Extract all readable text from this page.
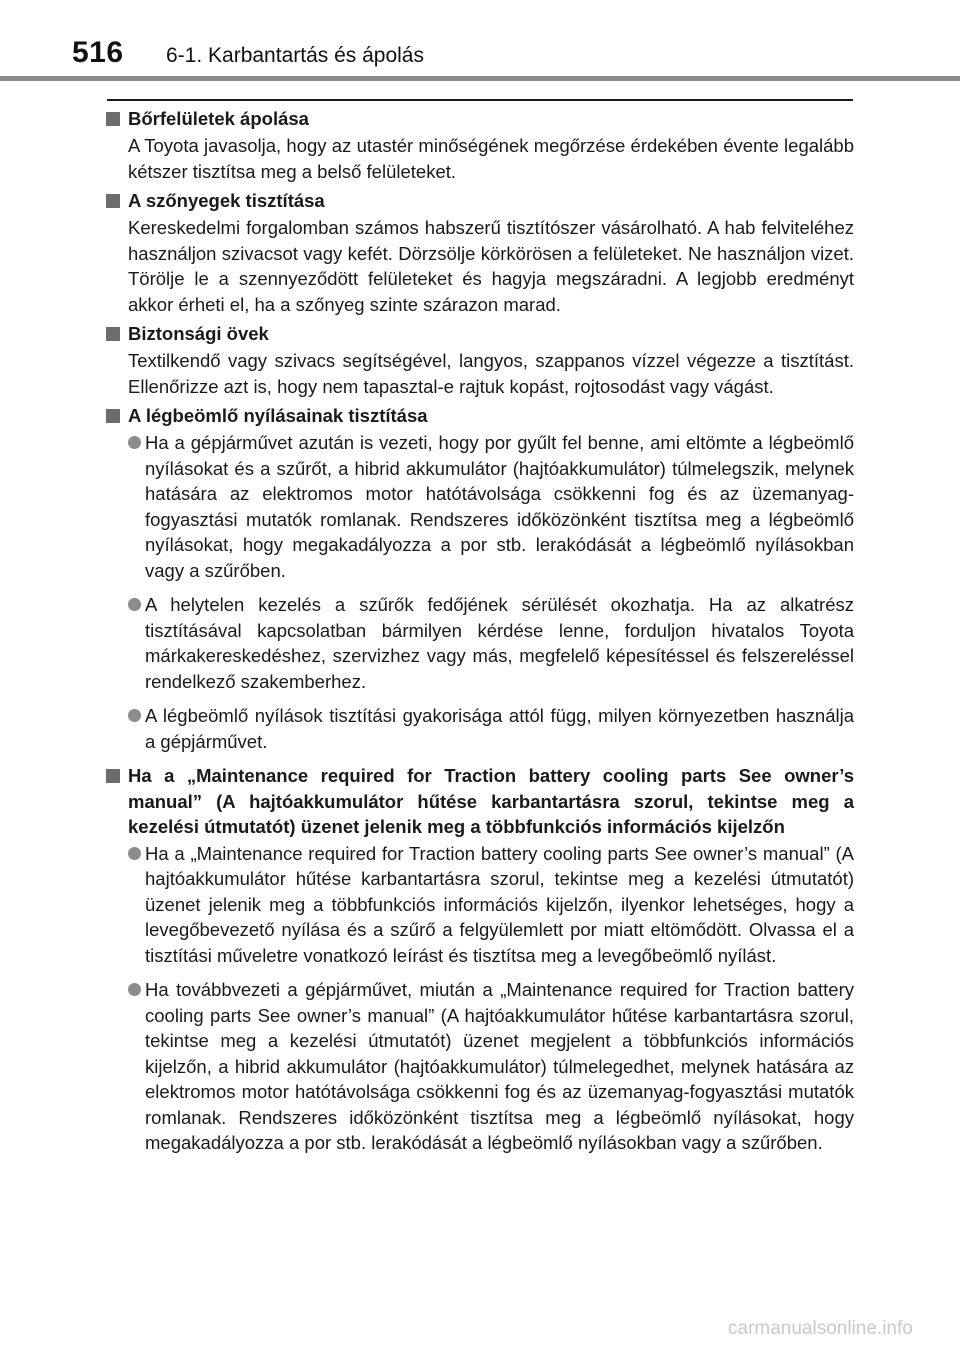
516 6-1. Karbantartás és ápolás

Bőrfelületek ápolása

A Toyota javasolja, hogy az utastér minőségének megőrzése érdekében évente legalább kétszer tisztítsa meg a belső felületeket.

A szőnyegek tisztítása

Kereskedelmi forgalomban számos habszerű tisztítószer vásárolható. A hab felviteléhez használjon szivacsot vagy kefét. Dörzsölje körkörösen a felületeket. Ne használjon vizet. Törölje le a szennyeződött felületeket és hagyja megszáradni. A legjobb eredményt akkor érheti el, ha a szőnyeg szinte szárazon marad.

Biztonsági övek

Textilkendő vagy szivacs segítségével, langyos, szappanos vízzel végezze a tisztítást. Ellenőrizze azt is, hogy nem tapasztal-e rajtuk kopást, rojtosodást vagy vágást.

A légbeömlő nyílásainak tisztítása

Ha a gépjárművet azután is vezeti, hogy por gyűlt fel benne, ami eltömte a légbeömlő nyílásokat és a szűrőt, a hibrid akkumulátor (hajtóakkumulátor) túlmelegszik, melynek hatására az elektromos motor hatótávolsága csökkenni fog és az üzemanyag-fogyasztási mutatók romlanak. Rendszeres időközönként tisztítsa meg a légbeömlő nyílásokat, hogy megakadályozza a por stb. lerakódását a légbeömlő nyílásokban vagy a szűrőben.
A helytelen kezelés a szűrők fedőjének sérülését okozhatja. Ha az alkatrész tisztításával kapcsolatban bármilyen kérdése lenne, forduljon hivatalos Toyota márkakereskedéshez, szervizhez vagy más, megfelelő képesítéssel és felszereléssel rendelkező szakemberhez.
A légbeömlő nyílások tisztítási gyakorisága attól függ, milyen környezetben használja a gépjárművet.

Ha a „Maintenance required for Traction battery cooling parts See owner’s manual” (A hajtóakkumulátor hűtése karbantartásra szorul, tekintse meg a kezelési útmutatót) üzenet jelenik meg a többfunkciós információs kijelzőn

Ha a „Maintenance required for Traction battery cooling parts See owner’s manual” (A hajtóakkumulátor hűtése karbantartásra szorul, tekintse meg a kezelési útmutatót) üzenet jelenik meg a többfunkciós információs kijelzőn, ilyenkor lehetséges, hogy a levegőbevezető nyílása és a szűrő a felgyülemlett por miatt eltömődött. Olvassa el a tisztítási műveletre vonatkozó leírást és tisztítsa meg a levegőbeömlő nyílást.
Ha továbbvezeti a gépjárművet, miután a „Maintenance required for Traction battery cooling parts See owner’s manual” (A hajtóakkumulátor hűtése karbantartásra szorul, tekintse meg a kezelési útmutatót) üzenet megjelent a többfunkciós információs kijelzőn, a hibrid akkumulátor (hajtóakkumulátor) túlmelegedhet, melynek hatására az elektromos motor hatótávolsága csökkenni fog és az üzemanyag-fogyasztási mutatók romlanak. Rendszeres időközönként tisztítsa meg a légbeömlő nyílásokat, hogy megakadályozza a por stb. lerakódását a légbeömlő nyílásokban vagy a szűrőben.
carmanualsonline.info
